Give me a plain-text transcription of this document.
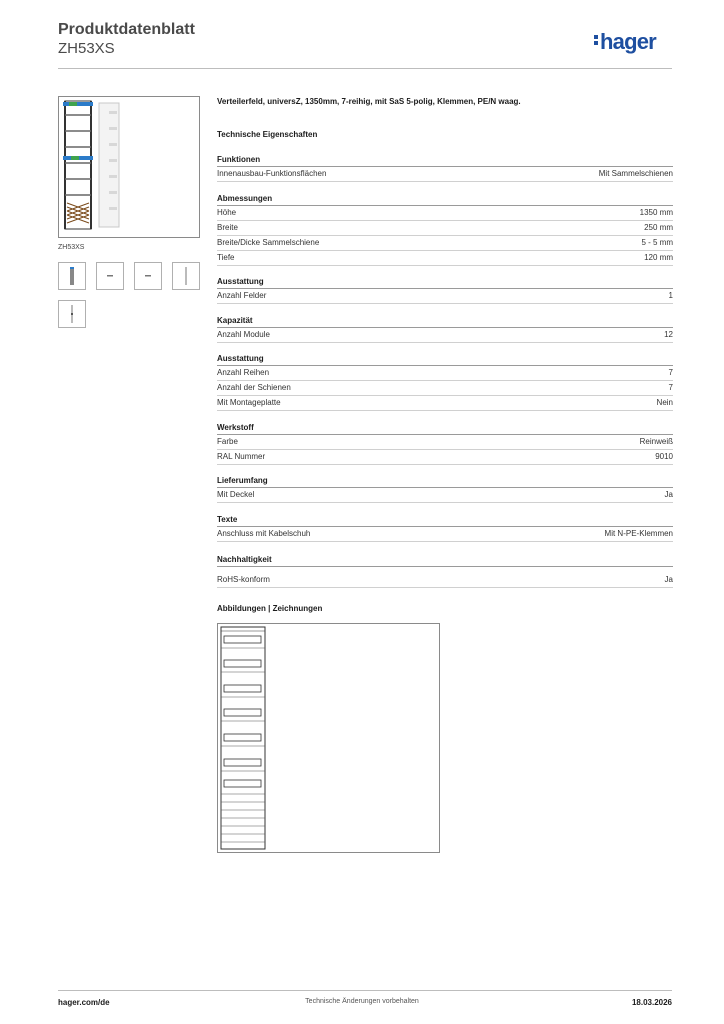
Produktdatenblatt
ZH53XS	hager
ZH53XS
Verteilerfeld, universZ, 1350mm, 7-reihig, mit SaS 5-polig, Klemmen, PE/N waag.
Technische Eigenschaften
Funktionen
Innenausbau-Funktionsflächen	Mit Sammelschienen
Abmessungen
Höhe	1350 mm
Breite	250 mm
Breite/Dicke Sammelschiene	5 - 5 mm
Tiefe	120 mm
Ausstattung
Anzahl Felder	1
Kapazität
Anzahl Module	12
Ausstattung
Anzahl Reihen	7
Anzahl der Schienen	7
Mit Montageplatte	Nein
Werkstoff
Farbe	Reinweiß
RAL Nummer	9010
Lieferumfang
Mit Deckel	Ja
Texte
Anschluss mit Kabelschuh	Mit N-PE-Klemmen
Nachhaltigkeit
RoHS-konform	Ja
Abbildungen | Zeichnungen
hager.com/de	Technische Änderungen vorbehalten	18.03.2026
